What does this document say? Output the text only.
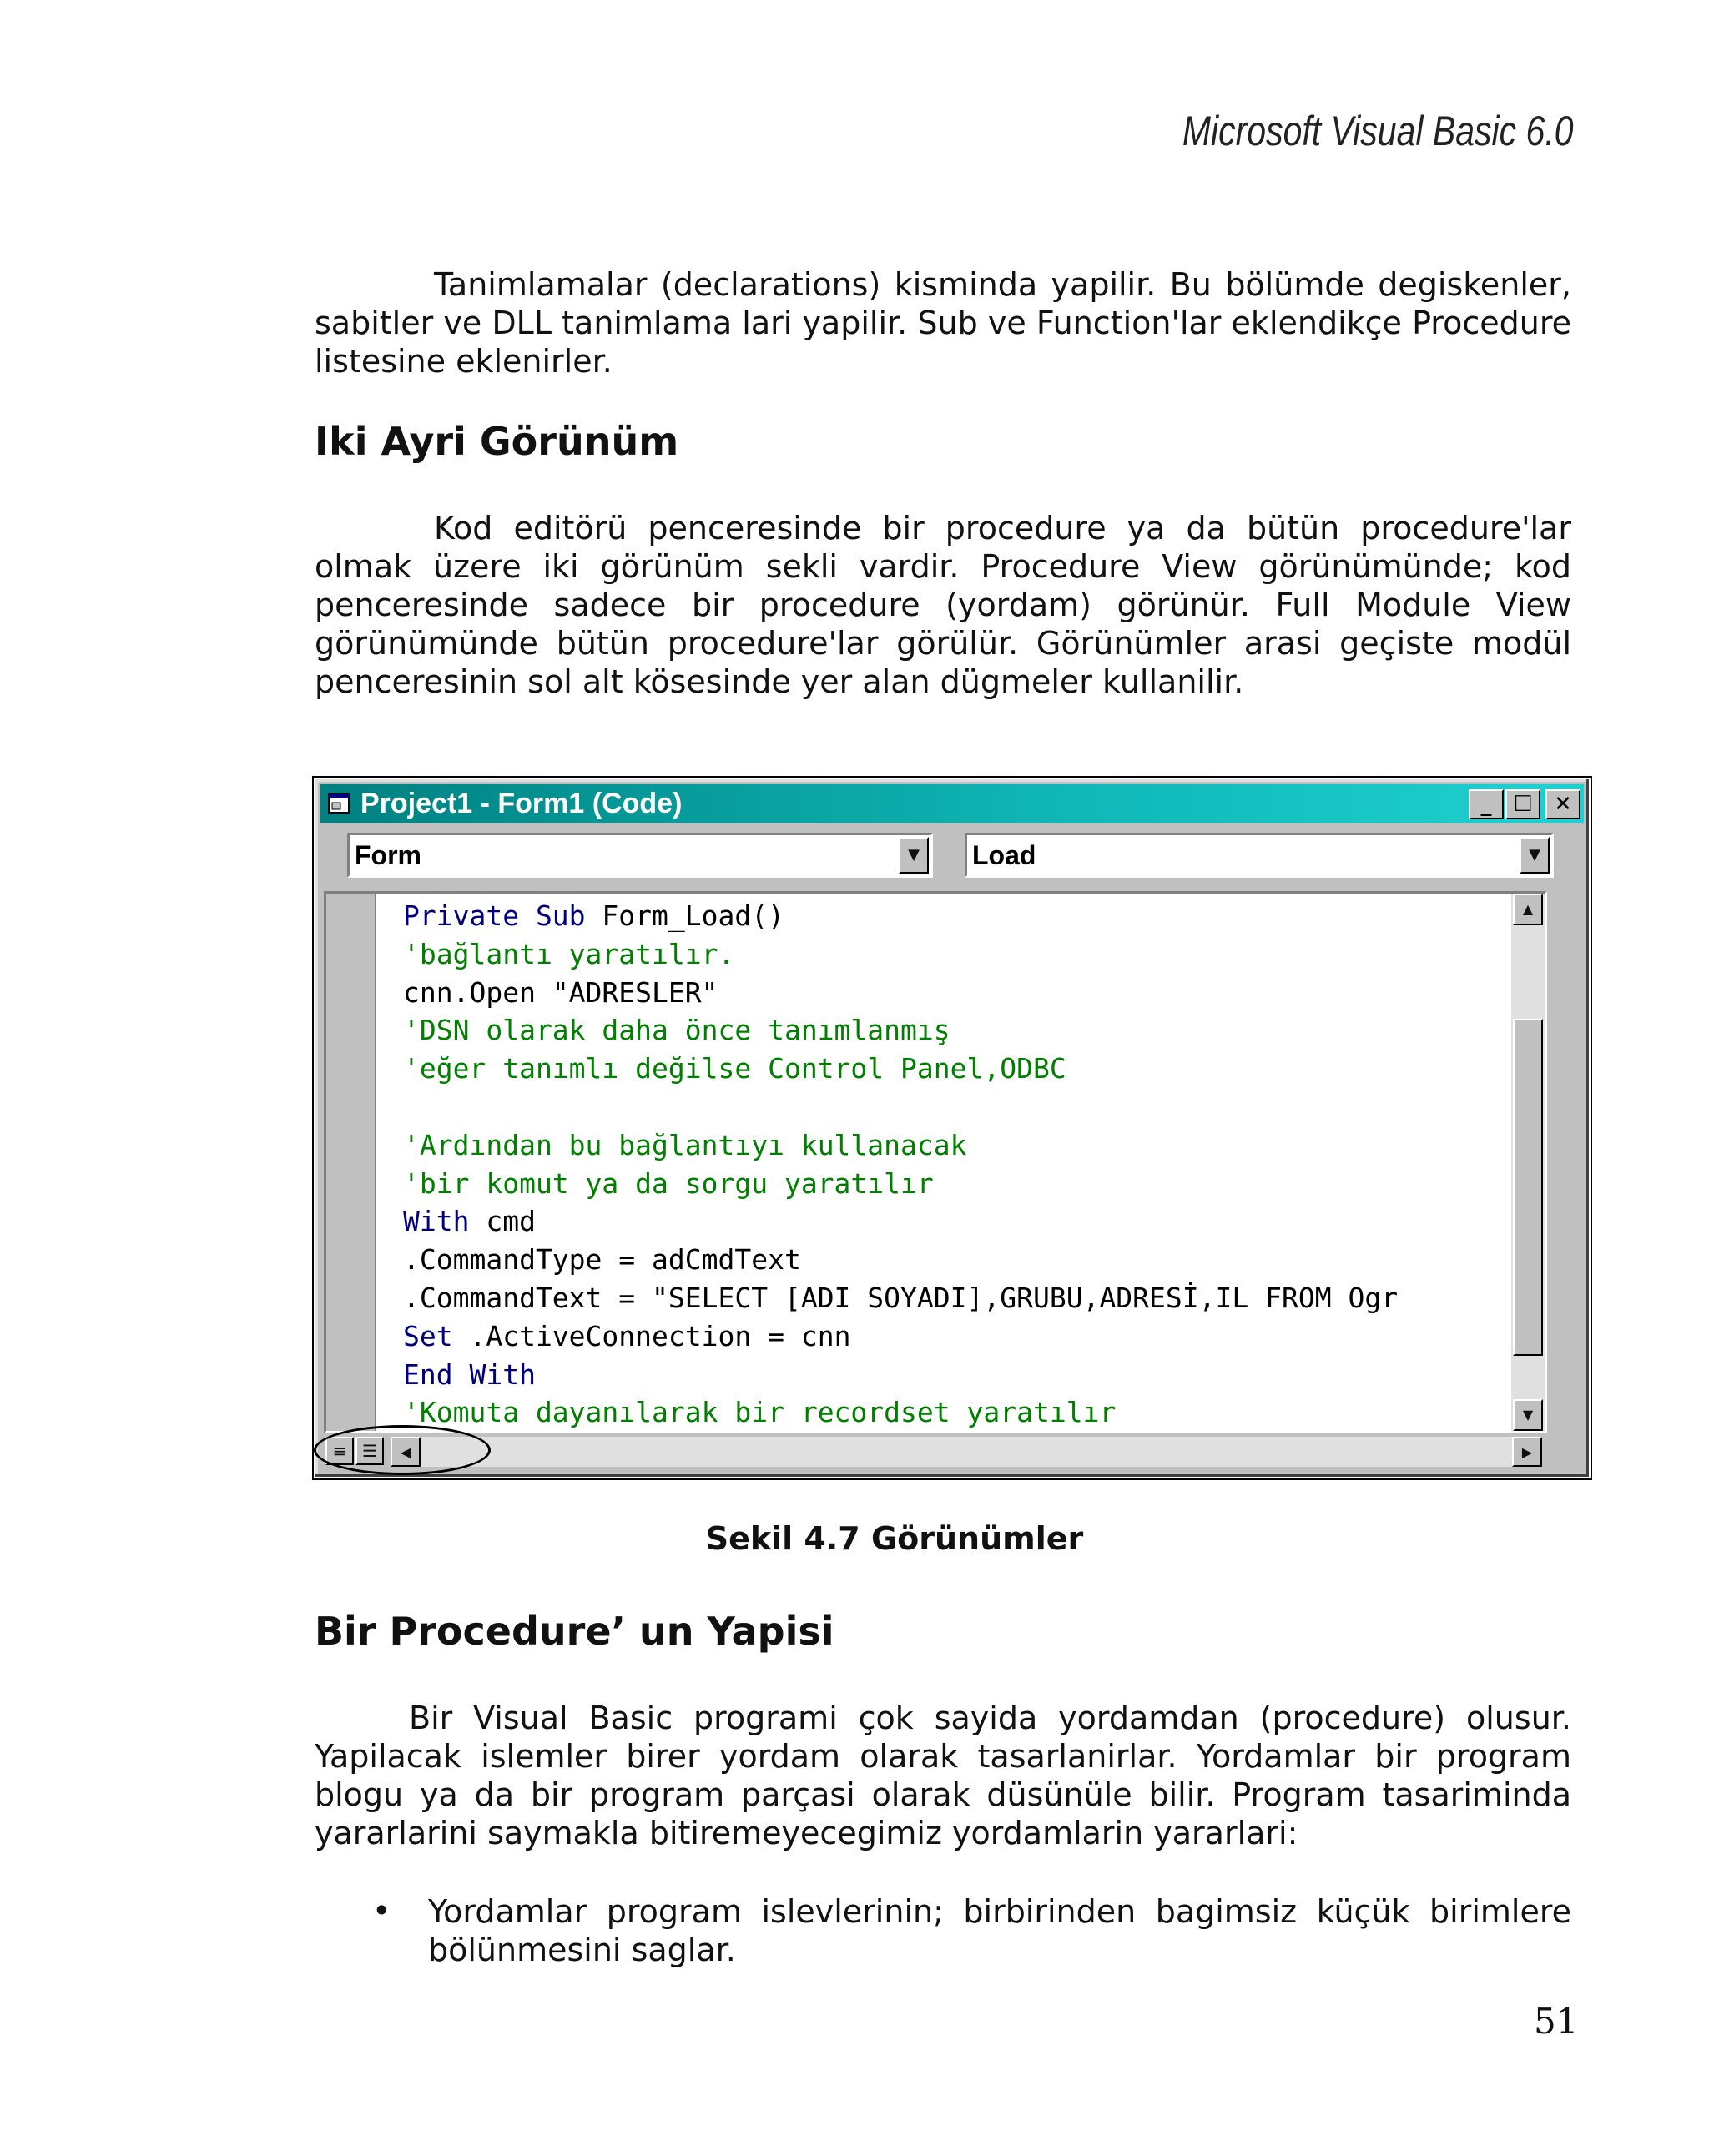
Microsoft Visual Basic 6.0
Tanimlamalar (declarations) kisminda yapilir. Bu bölümde degiskenler,
sabitler ve DLL tanimlama lari yapilir. Sub ve Function'lar eklendikçe Procedure
listesine eklenirler.
Iki Ayri Görünüm
Kod editörü penceresinde bir procedure ya da bütün procedure'lar
olmak üzere iki görünüm sekli vardir. Procedure View görünümünde; kod
penceresinde sadece bir procedure (yordam) görünür. Full Module View
görünümünde bütün procedure'lar görülür. Görünümler arasi geçiste modül
penceresinin sol alt kösesinde yer alan dügmeler kullanilir.
Project1 - Form1 (Code)	_ ☐ ✕
Form	▼	Load	▼
Private Sub Form_Load()
'bağlantı yaratılır.
cnn.Open "ADRESLER"
'DSN olarak daha önce tanımlanmış
'eğer tanımlı değilse Control Panel,ODBC

'Ardından bu bağlantıyı kullanacak
'bir komut ya da sorgu yaratılır
With cmd
.CommandType = adCmdText
.CommandText = "SELECT [ADI SOYADI],GRUBU,ADRESİ,IL FROM Ogr
Set .ActiveConnection = cnn
End With
'Komuta dayanılarak bir recordset yaratılır
▲
▼
≡ ☰	◀	▶
Sekil 4.7 Görünümler
Bir Procedure’ un Yapisi
Bir Visual Basic programi çok sayida yordamdan (procedure) olusur.
Yapilacak islemler birer yordam olarak tasarlanirlar. Yordamlar bir program
blogu ya da bir program parçasi olarak düsünüle bilir. Program tasariminda
yararlarini saymakla bitiremeyecegimiz yordamlarin yararlari:
• Yordamlar program islevlerinin; birbirinden bagimsiz küçük birimlere
bölünmesini saglar.
51
